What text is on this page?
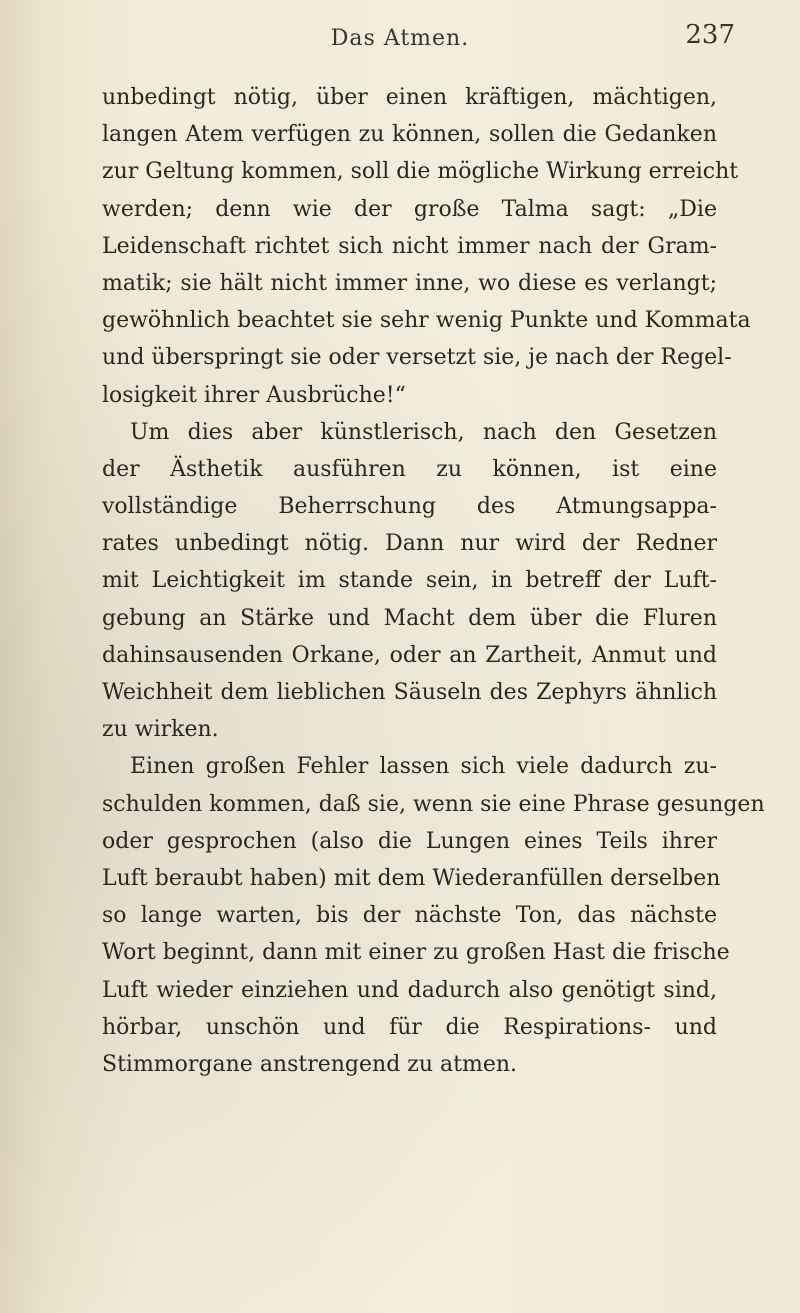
Das Atmen.	237
unbedingt nötig, über einen kräftigen, mächtigen,
langen Atem verfügen zu können, sollen die Gedanken
zur Geltung kommen, soll die mögliche Wirkung erreicht
werden; denn wie der große Talma sagt: „Die
Leidenschaft richtet sich nicht immer nach der Gram-
matik; sie hält nicht immer inne, wo diese es verlangt;
gewöhnlich beachtet sie sehr wenig Punkte und Kommata
und überspringt sie oder versetzt sie, je nach der Regel-
losigkeit ihrer Ausbrüche!“
Um dies aber künstlerisch, nach den Gesetzen
der Ästhetik ausführen zu können, ist eine
vollständige Beherrschung des Atmungsappa-
rates unbedingt nötig. Dann nur wird der Redner
mit Leichtigkeit im stande sein, in betreff der Luft-
gebung an Stärke und Macht dem über die Fluren
dahinsausenden Orkane, oder an Zartheit, Anmut und
Weichheit dem lieblichen Säuseln des Zephyrs ähnlich
zu wirken.
Einen großen Fehler lassen sich viele dadurch zu-
schulden kommen, daß sie, wenn sie eine Phrase gesungen
oder gesprochen (also die Lungen eines Teils ihrer
Luft beraubt haben) mit dem Wiederanfüllen derselben
so lange warten, bis der nächste Ton, das nächste
Wort beginnt, dann mit einer zu großen Hast die frische
Luft wieder einziehen und dadurch also genötigt sind,
hörbar, unschön und für die Respirations- und
Stimmorgane anstrengend zu atmen.
